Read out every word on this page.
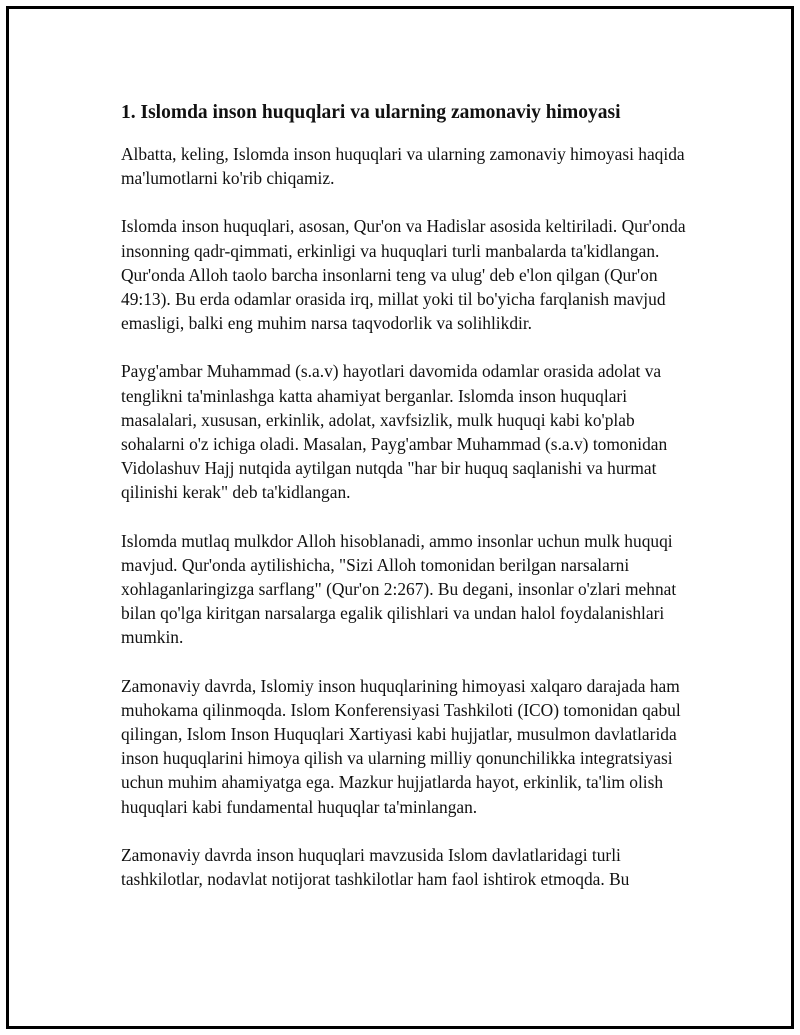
1. Islomda inson huquqlari va ularning zamonaviy himoyasi

Albatta, keling, Islomda inson huquqlari va ularning zamonaviy himoyasi haqida ma'lumotlarni ko'rib chiqamiz.

Islomda inson huquqlari, asosan, Qur'on va Hadislar asosida keltiriladi. Qur'onda insonning qadr-qimmati, erkinligi va huquqlari turli manbalarda ta'kidlangan. Qur'onda Alloh taolo barcha insonlarni teng va ulug' deb e'lon qilgan (Qur'on 49:13). Bu erda odamlar orasida irq, millat yoki til bo'yicha farqlanish mavjud emasligi, balki eng muhim narsa taqvodorlik va solihlikdir.

Payg'ambar Muhammad (s.a.v) hayotlari davomida odamlar orasida adolat va tenglikni ta'minlashga katta ahamiyat berganlar. Islomda inson huquqlari masalalari, xususan, erkinlik, adolat, xavfsizlik, mulk huquqi kabi ko'plab sohalarni o'z ichiga oladi. Masalan, Payg'ambar Muhammad (s.a.v) tomonidan Vidolashuv Hajj nutqida aytilgan nutqda "har bir huquq saqlanishi va hurmat qilinishi kerak" deb ta'kidlangan.

Islomda mutlaq mulkdor Alloh hisoblanadi, ammo insonlar uchun mulk huquqi mavjud. Qur'onda aytilishicha, "Sizi Alloh tomonidan berilgan narsalarni xohlaganlaringizga sarflang" (Qur'on 2:267). Bu degani, insonlar o'zlari mehnat bilan qo'lga kiritgan narsalarga egalik qilishlari va undan halol foydalanishlari mumkin.

Zamonaviy davrda, Islomiy inson huquqlarining himoyasi xalqaro darajada ham muhokama qilinmoqda. Islom Konferensiyasi Tashkiloti (ICO) tomonidan qabul qilingan, Islom Inson Huquqlari Xartiyasi kabi hujjatlar, musulmon davlatlarida inson huquqlarini himoya qilish va ularning milliy qonunchilikka integratsiyasi uchun muhim ahamiyatga ega. Mazkur hujjatlarda hayot, erkinlik, ta'lim olish huquqlari kabi fundamental huquqlar ta'minlangan.

Zamonaviy davrda inson huquqlari mavzusida Islom davlatlaridagi turli tashkilotlar, nodavlat notijorat tashkilotlar ham faol ishtirok etmoqda. Bu
